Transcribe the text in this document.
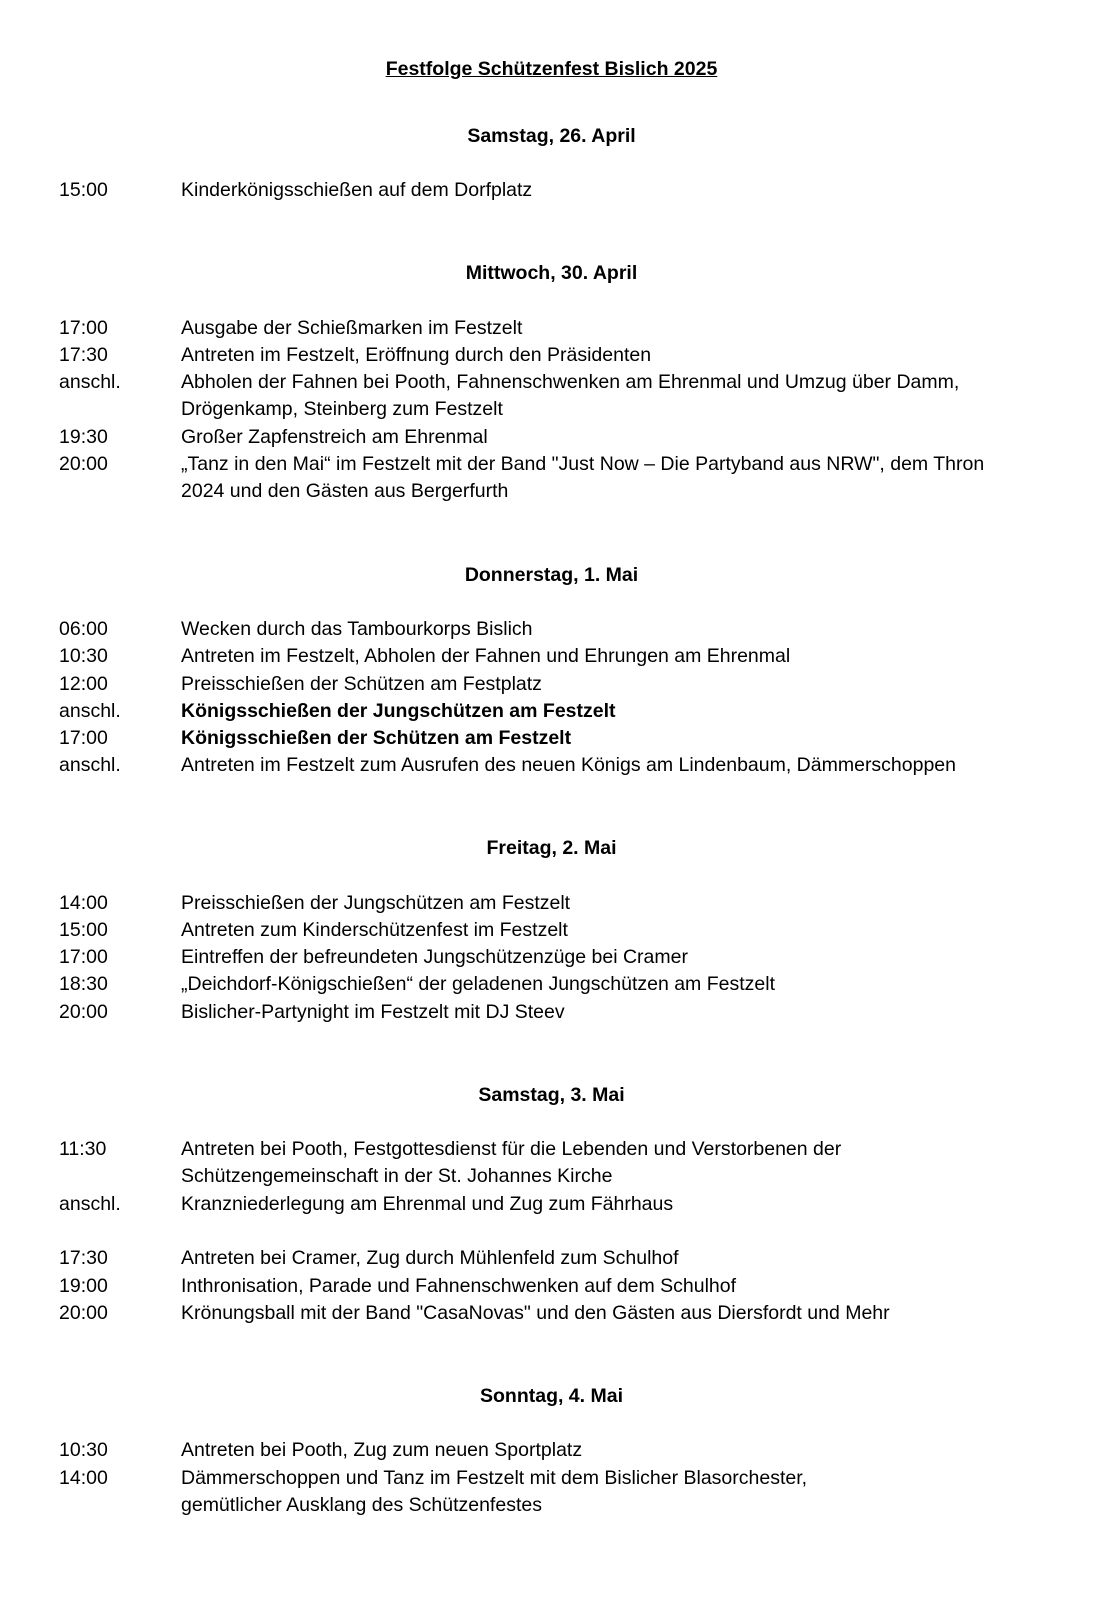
Festfolge Schützenfest Bislich 2025
Samstag, 26. April
15:00	Kinderkönigsschießen auf dem Dorfplatz
Mittwoch, 30. April
17:00	Ausgabe der Schießmarken im Festzelt
17:30	Antreten im Festzelt, Eröffnung durch den Präsidenten
anschl.	Abholen der Fahnen bei Pooth, Fahnenschwenken am Ehrenmal und Umzug über Damm,
Drögenkamp, Steinberg zum Festzelt
19:30	Großer Zapfenstreich am Ehrenmal
20:00	„Tanz in den Mai“ im Festzelt mit der Band "Just Now – Die Partyband aus NRW", dem Thron
2024 und den Gästen aus Bergerfurth
Donnerstag, 1. Mai
06:00	Wecken durch das Tambourkorps Bislich
10:30	Antreten im Festzelt, Abholen der Fahnen und Ehrungen am Ehrenmal
12:00	Preisschießen der Schützen am Festplatz
anschl.	Königsschießen der Jungschützen am Festzelt
17:00	Königsschießen der Schützen am Festzelt
anschl.	Antreten im Festzelt zum Ausrufen des neuen Königs am Lindenbaum, Dämmerschoppen
Freitag, 2. Mai
14:00	Preisschießen der Jungschützen am Festzelt
15:00	Antreten zum Kinderschützenfest im Festzelt
17:00	Eintreffen der befreundeten Jungschützenzüge bei Cramer
18:30	„Deichdorf-Königschießen“ der geladenen Jungschützen am Festzelt
20:00	Bislicher-Partynight im Festzelt mit DJ Steev
Samstag, 3. Mai
11:30	Antreten bei Pooth, Festgottesdienst für die Lebenden und Verstorbenen der
Schützengemeinschaft in der St. Johannes Kirche
anschl.	Kranzniederlegung am Ehrenmal und Zug zum Fährhaus
17:30	Antreten bei Cramer, Zug durch Mühlenfeld zum Schulhof
19:00	Inthronisation, Parade und Fahnenschwenken auf dem Schulhof
20:00	Krönungsball mit der Band "CasaNovas" und den Gästen aus Diersfordt und Mehr
Sonntag, 4. Mai
10:30	Antreten bei Pooth, Zug zum neuen Sportplatz
14:00	Dämmerschoppen und Tanz im Festzelt mit dem Bislicher Blasorchester,
gemütlicher Ausklang des Schützenfestes
